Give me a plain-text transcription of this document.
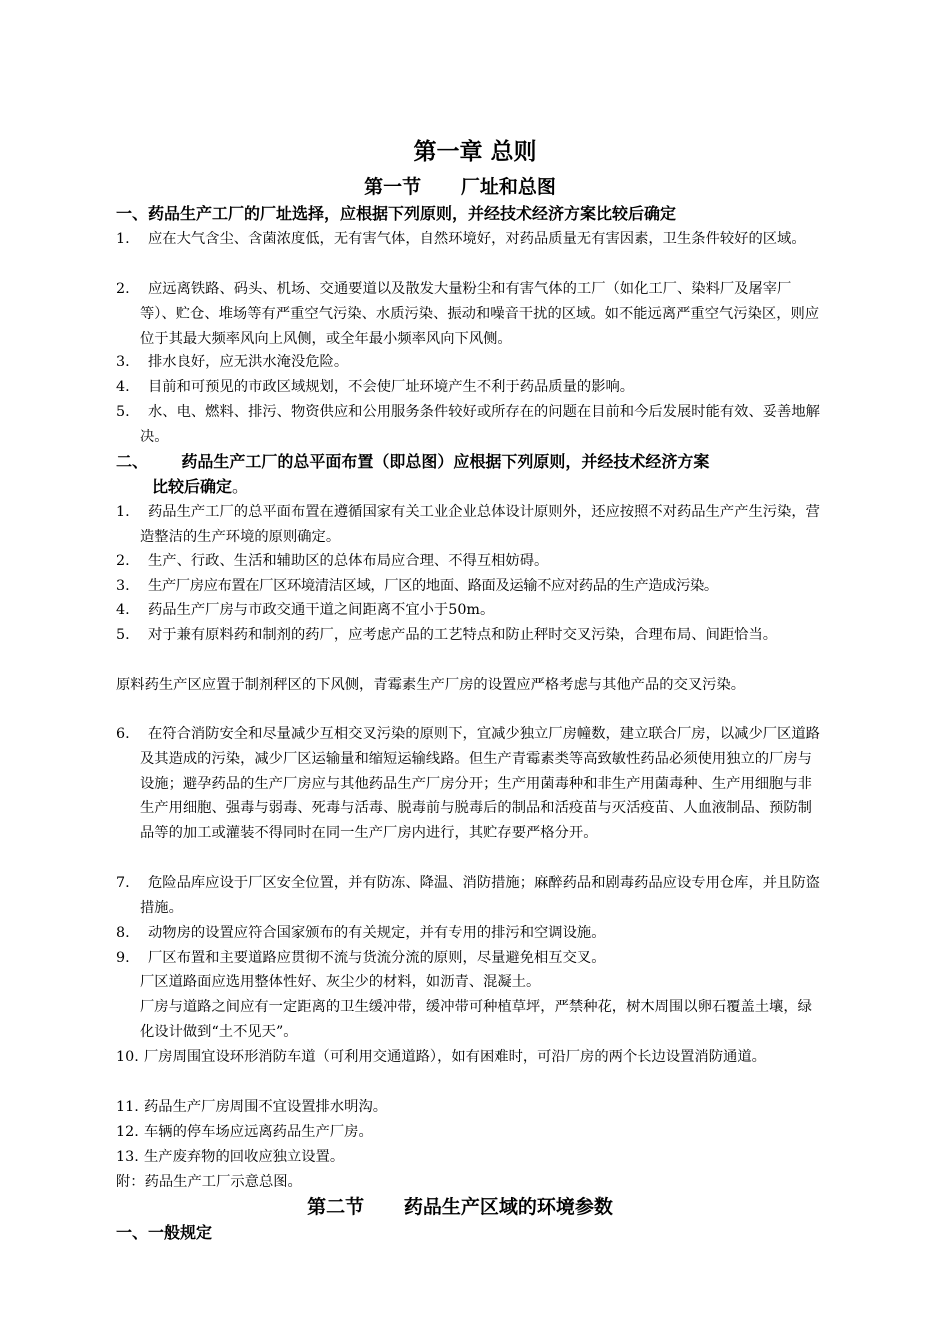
第一章 总则
第一节      厂址和总图
一、药品生产工厂的厂址选择，应根据下列原则，并经技术经济方案比较后确定
1.	应在大气含尘、含菌浓度低，无有害气体，自然环境好，对药品质量无有害因素，卫生条件较好的区域。
2.	应远离铁路、码头、机场、交通要道以及散发大量粉尘和有害气体的工厂（如化工厂、染料厂及屠宰厂等）、贮仓、堆场等有严重空气污染、水质污染、振动和噪音干扰的区域。如不能远离严重空气污染区，则应位于其最大频率风向上风侧，或全年最小频率风向下风侧。
3.	排水良好，应无洪水淹没危险。
4.	目前和可预见的市政区域规划，不会使厂址环境产生不利于药品质量的影响。
5.	水、电、燃料、排污、物资供应和公用服务条件较好或所存在的问题在目前和今后发展时能有效、妥善地解决。
二、      药品生产工厂的总平面布置（即总图）应根据下列原则，并经技术经济方案
比较后确定。
1.	药品生产工厂的总平面布置在遵循国家有关工业企业总体设计原则外，还应按照不对药品生产产生污染，营造整洁的生产环境的原则确定。
2.	生产、行政、生活和辅助区的总体布局应合理、不得互相妨碍。
3.	生产厂房应布置在厂区环境清洁区域，厂区的地面、路面及运输不应对药品的生产造成污染。
4.	药品生产厂房与市政交通干道之间距离不宜小于50m。
5.	对于兼有原料药和制剂的药厂，应考虑产品的工艺特点和防止秤时交叉污染，合理布局、间距恰当。
原料药生产区应置于制剂秤区的下风侧，青霉素生产厂房的设置应严格考虑与其他产品的交叉污染。
6.	在符合消防安全和尽量减少互相交叉污染的原则下，宜减少独立厂房幢数，建立联合厂房，以减少厂区道路及其造成的污染，减少厂区运输量和缩短运输线路。但生产青霉素类等高致敏性药品必须使用独立的厂房与设施；避孕药品的生产厂房应与其他药品生产厂房分开；生产用菌毒种和非生产用菌毒种、生产用细胞与非生产用细胞、强毒与弱毒、死毒与活毒、脱毒前与脱毒后的制品和活疫苗与灭活疫苗、人血液制品、预防制品等的加工或灌装不得同时在同一生产厂房内进行，其贮存要严格分开。
7.	危险品库应设于厂区安全位置，并有防冻、降温、消防措施；麻醉药品和剧毒药品应设专用仓库，并且防盗措施。
8.	动物房的设置应符合国家颁布的有关规定，并有专用的排污和空调设施。
9.	厂区布置和主要道路应贯彻不流与货流分流的原则，尽量避免相互交叉。
厂区道路面应选用整体性好、灰尘少的材料，如沥青、混凝土。
厂房与道路之间应有一定距离的卫生缓冲带，缓冲带可种植草坪，严禁种花，树木周围以卵石覆盖土壤，绿化设计做到“土不见天”。
10. 厂房周围宜设环形消防车道（可利用交通道路），如有困难时，可沿厂房的两个长边设置消防通道。
11. 药品生产厂房周围不宜设置排水明沟。
12. 车辆的停车场应远离药品生产厂房。
13. 生产废弃物的回收应独立设置。
附：药品生产工厂示意总图。
第二节      药品生产区域的环境参数
一、一般规定
